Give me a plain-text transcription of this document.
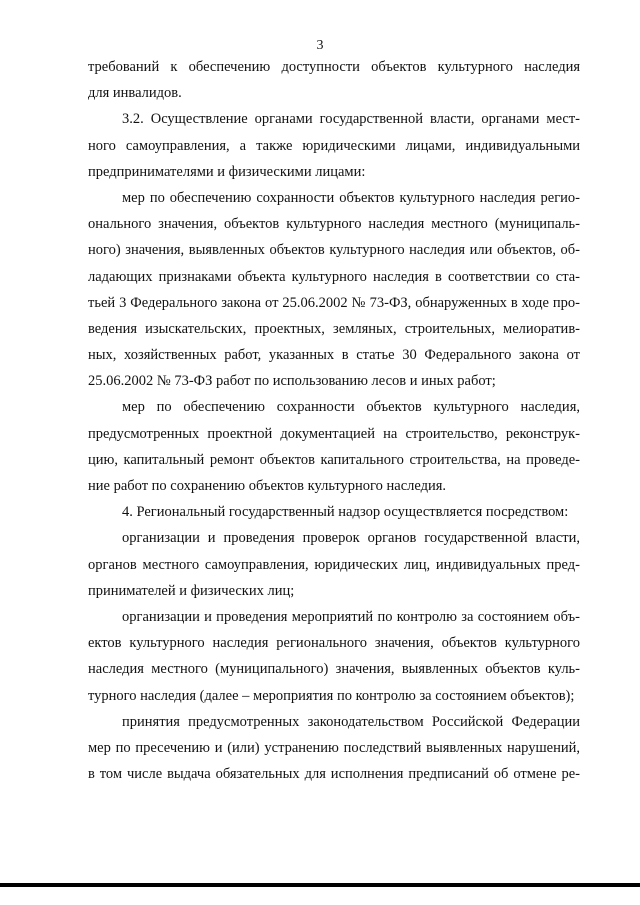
3
требований к обеспечению доступности объектов культурного наследия
для инвалидов.
3.2. Осуществление органами государственной власти, органами мест-
ного самоуправления, а также юридическими лицами, индивидуальными
предпринимателями и физическими лицами:
мер по обеспечению сохранности объектов культурного наследия регио-
онального значения, объектов культурного наследия местного (муниципаль-
ного) значения, выявленных объектов культурного наследия или объектов, об-
ладающих признаками объекта культурного наследия в соответствии со ста-
тьей 3 Федерального закона от 25.06.2002 № 73-ФЗ, обнаруженных в ходе про-
ведения изыскательских, проектных, земляных, строительных, мелиоратив-
ных, хозяйственных работ, указанных в статье 30 Федерального закона от
25.06.2002 № 73-ФЗ работ по использованию лесов и иных работ;
мер по обеспечению сохранности объектов культурного наследия,
предусмотренных проектной документацией на строительство, реконструк-
цию, капитальный ремонт объектов капитального строительства, на проведе-
ние работ по сохранению объектов культурного наследия.
4. Региональный государственный надзор осуществляется посредством:
организации и проведения проверок органов государственной власти,
органов местного самоуправления, юридических лиц, индивидуальных пред-
принимателей и физических лиц;
организации и проведения мероприятий по контролю за состоянием объ-
ектов культурного наследия регионального значения, объектов культурного
наследия местного (муниципального) значения, выявленных объектов куль-
турного наследия (далее – мероприятия по контролю за состоянием объектов);
принятия предусмотренных законодательством Российской Федерации
мер по пресечению и (или) устранению последствий выявленных нарушений,
в том числе выдача обязательных для исполнения предписаний об отмене ре-
